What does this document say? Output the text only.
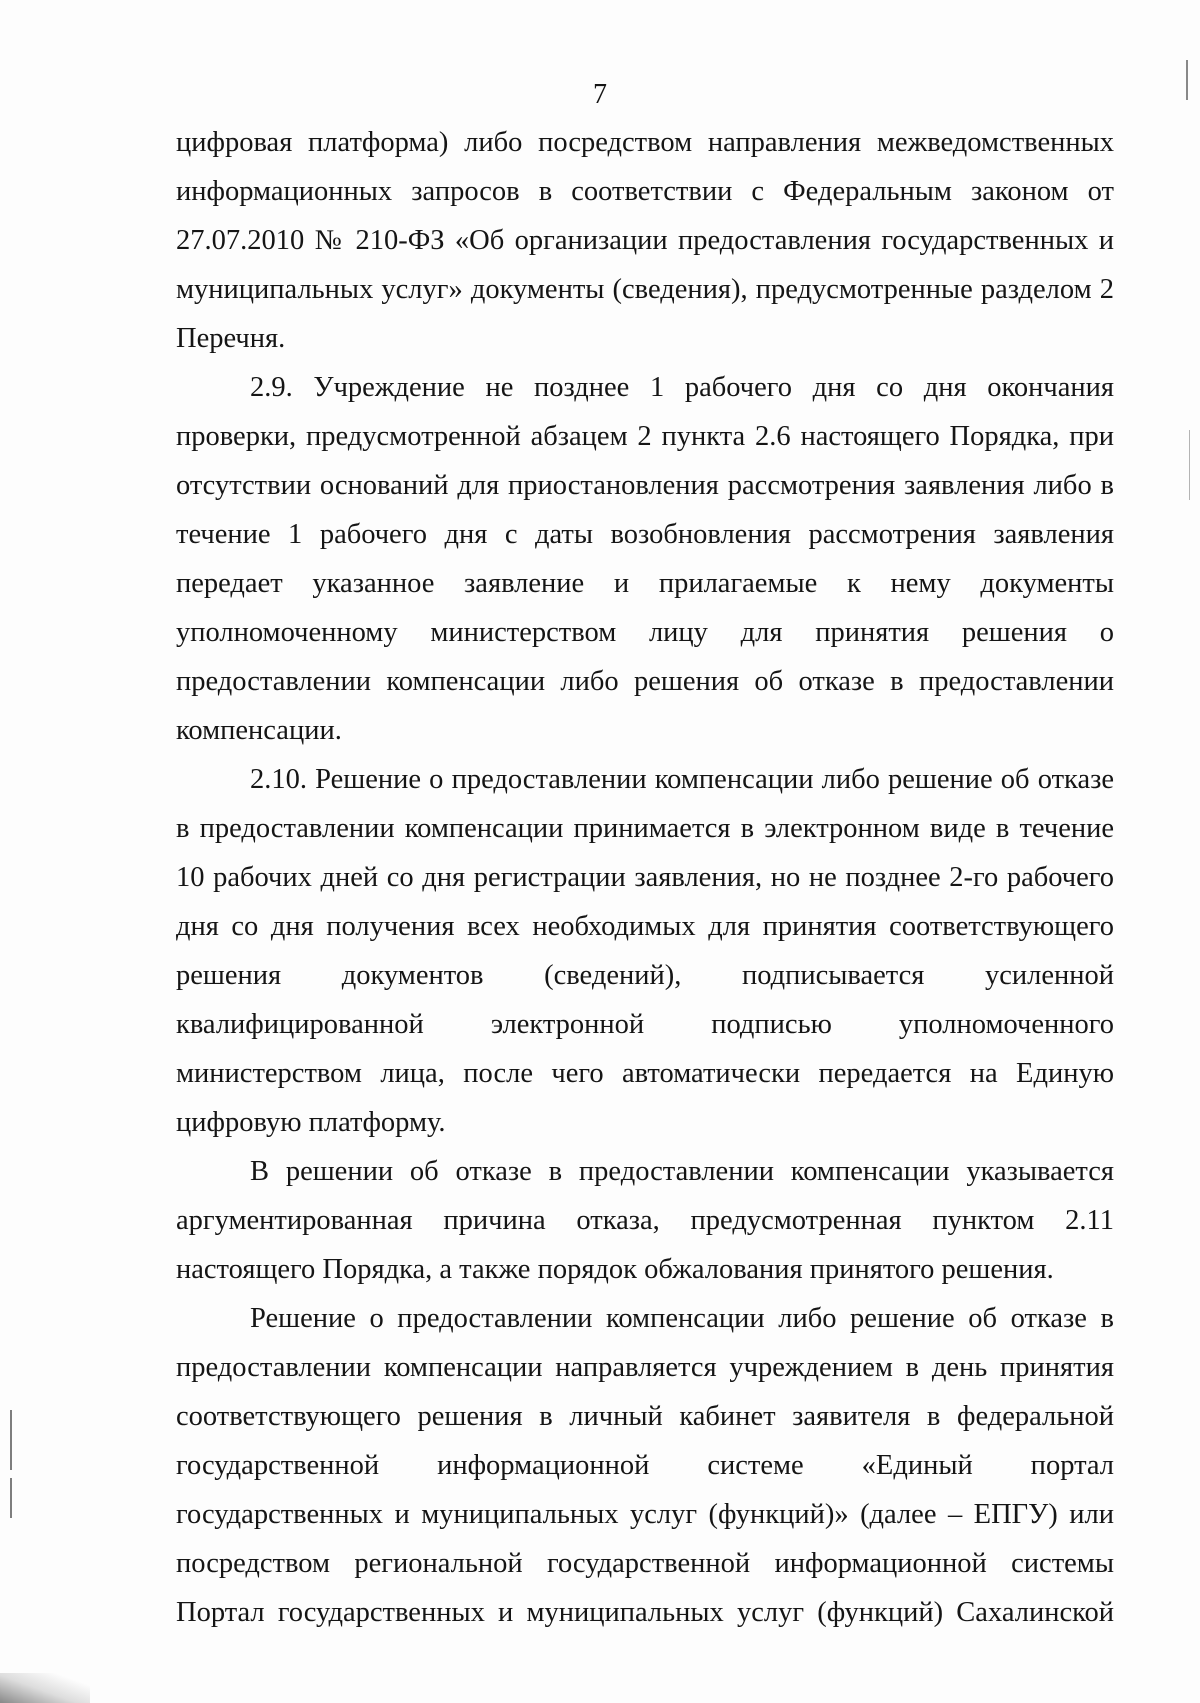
7

цифровая платформа) либо посредством направления межведомственных информационных запросов в соответствии с Федеральным законом от 27.07.2010 № 210-ФЗ «Об организации предоставления государственных и муниципальных услуг» документы (сведения), предусмотренные разделом 2 Перечня.

2.9. Учреждение не позднее 1 рабочего дня со дня окончания проверки, предусмотренной абзацем 2 пункта 2.6 настоящего Порядка, при отсутствии оснований для приостановления рассмотрения заявления либо в течение 1 рабочего дня с даты возобновления рассмотрения заявления передает указанное заявление и прилагаемые к нему документы уполномоченному министерством лицу для принятия решения о предоставлении компенсации либо решения об отказе в предоставлении компенсации.

2.10. Решение о предоставлении компенсации либо решение об отказе в предоставлении компенсации принимается в электронном виде в течение 10 рабочих дней со дня регистрации заявления, но не позднее 2-го рабочего дня со дня получения всех необходимых для принятия соответствующего решения документов (сведений), подписывается усиленной квалифицированной электронной подписью уполномоченного министерством лица, после чего автоматически передается на Единую цифровую платформу.

В решении об отказе в предоставлении компенсации указывается аргументированная причина отказа, предусмотренная пунктом 2.11 настоящего Порядка, а также порядок обжалования принятого решения.

Решение о предоставлении компенсации либо решение об отказе в предоставлении компенсации направляется учреждением в день принятия соответствующего решения в личный кабинет заявителя в федеральной государственной информационной системе «Единый портал государственных и муниципальных услуг (функций)» (далее – ЕПГУ) или посредством региональной государственной информационной системы Портал государственных и муниципальных услуг (функций) Сахалинской
